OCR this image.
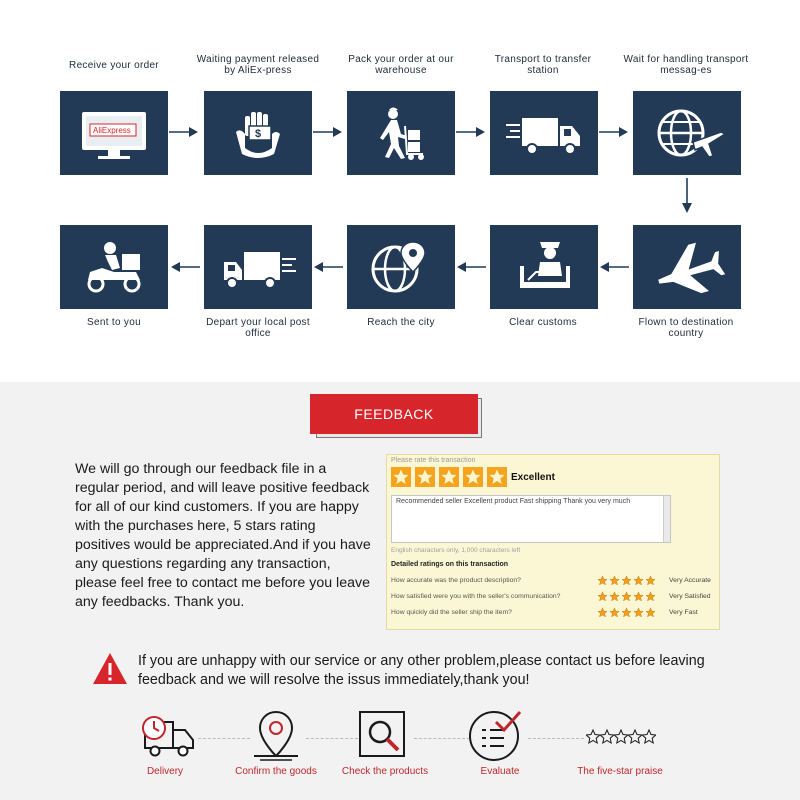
Receive your order
Waiting payment released by AliEx-press
Pack your order at our warehouse
Transport to transfer station
Wait for handling transport messag-es
AliExpress	$
Sent to you	Depart your local post office
Reach the city	Clear customs	Flown to destination country
FEEDBACK
We will go through our feedback file in a regular period, and will leave positive feedback for all of our kind customers. If you are happy with the purchases here, 5 stars rating positives would be appreciated.And if you have any questions regarding any transaction, please feel free to contact me before you leave any feedbacks. Thank you.
Please rate this transaction
Excellent
Recommended seller Excellent product Fast shipping Thank you very much
English characters only, 1,000 characters left
Detailed ratings on this transaction
How accurate was the product description?	Very Accurate
How satisfied were you with the seller's communication?	Very Satisfied
How quickly did the seller ship the item?	Very Fast
If you are unhappy with our service or any other problem,please contact us before leaving feedback and we will resolve the issus immediately,thank you!
Delivery	Confirm the goods	Check the products	Evaluate	The five-star praise
